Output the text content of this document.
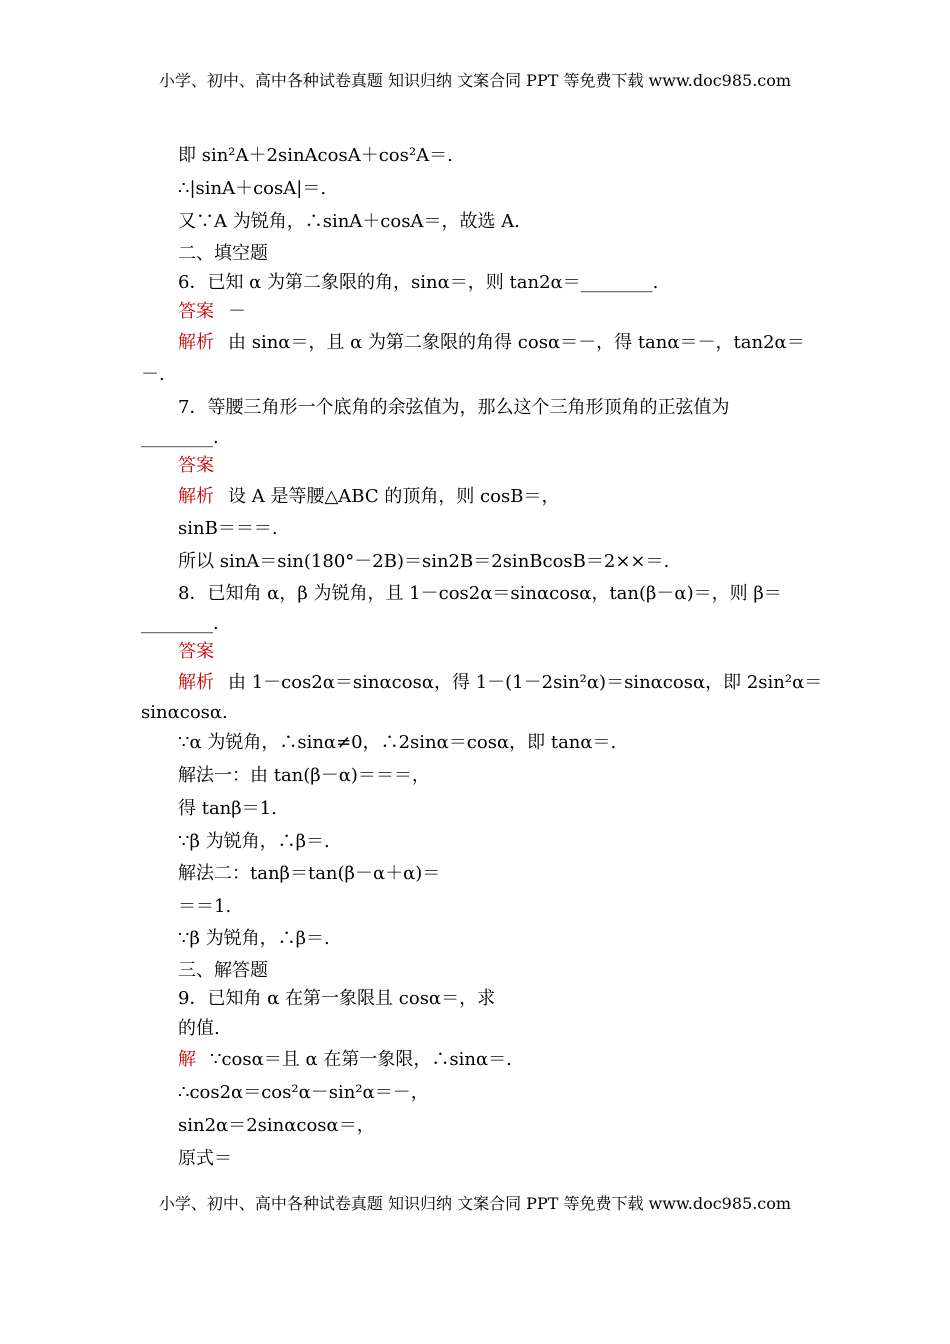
小学、初中、高中各种试卷真题 知识归纳 文案合同 PPT 等免费下载 www.doc985.com
即 sin²A＋2sinAcosA＋cos²A＝.
∴|sinA＋cosA|＝.
又∵A 为锐角，∴sinA＋cosA＝，故选 A.
二、填空题
6．已知 α 为第二象限的角，sinα＝，则 tan2α＝________.
答案 －
解析 由 sinα＝，且 α 为第二象限的角得 cosα＝－，得 tanα＝－，tan2α＝
－.
7．等腰三角形一个底角的余弦值为，那么这个三角形顶角的正弦值为
________.
答案
解析 设 A 是等腰△ABC 的顶角，则 cosB＝，
sinB＝＝＝.
所以 sinA＝sin(180°－2B)＝sin2B＝2sinBcosB＝2××＝.
8．已知角 α，β 为锐角，且 1－cos2α＝sinαcosα，tan(β－α)＝，则 β＝
________.
答案
解析 由 1－cos2α＝sinαcosα，得 1－(1－2sin²α)＝sinαcosα，即 2sin²α＝
sinαcosα.
∵α 为锐角，∴sinα≠0，∴2sinα＝cosα，即 tanα＝.
解法一：由 tan(β－α)＝＝＝，
得 tanβ＝1.
∵β 为锐角，∴β＝.
解法二：tanβ＝tan(β－α＋α)＝
＝＝1.
∵β 为锐角，∴β＝.
三、解答题
9．已知角 α 在第一象限且 cosα＝，求
的值.
解 ∵cosα＝且 α 在第一象限，∴sinα＝.
∴cos2α＝cos²α－sin²α＝－，
sin2α＝2sinαcosα＝，
原式＝
小学、初中、高中各种试卷真题 知识归纳 文案合同 PPT 等免费下载 www.doc985.com
